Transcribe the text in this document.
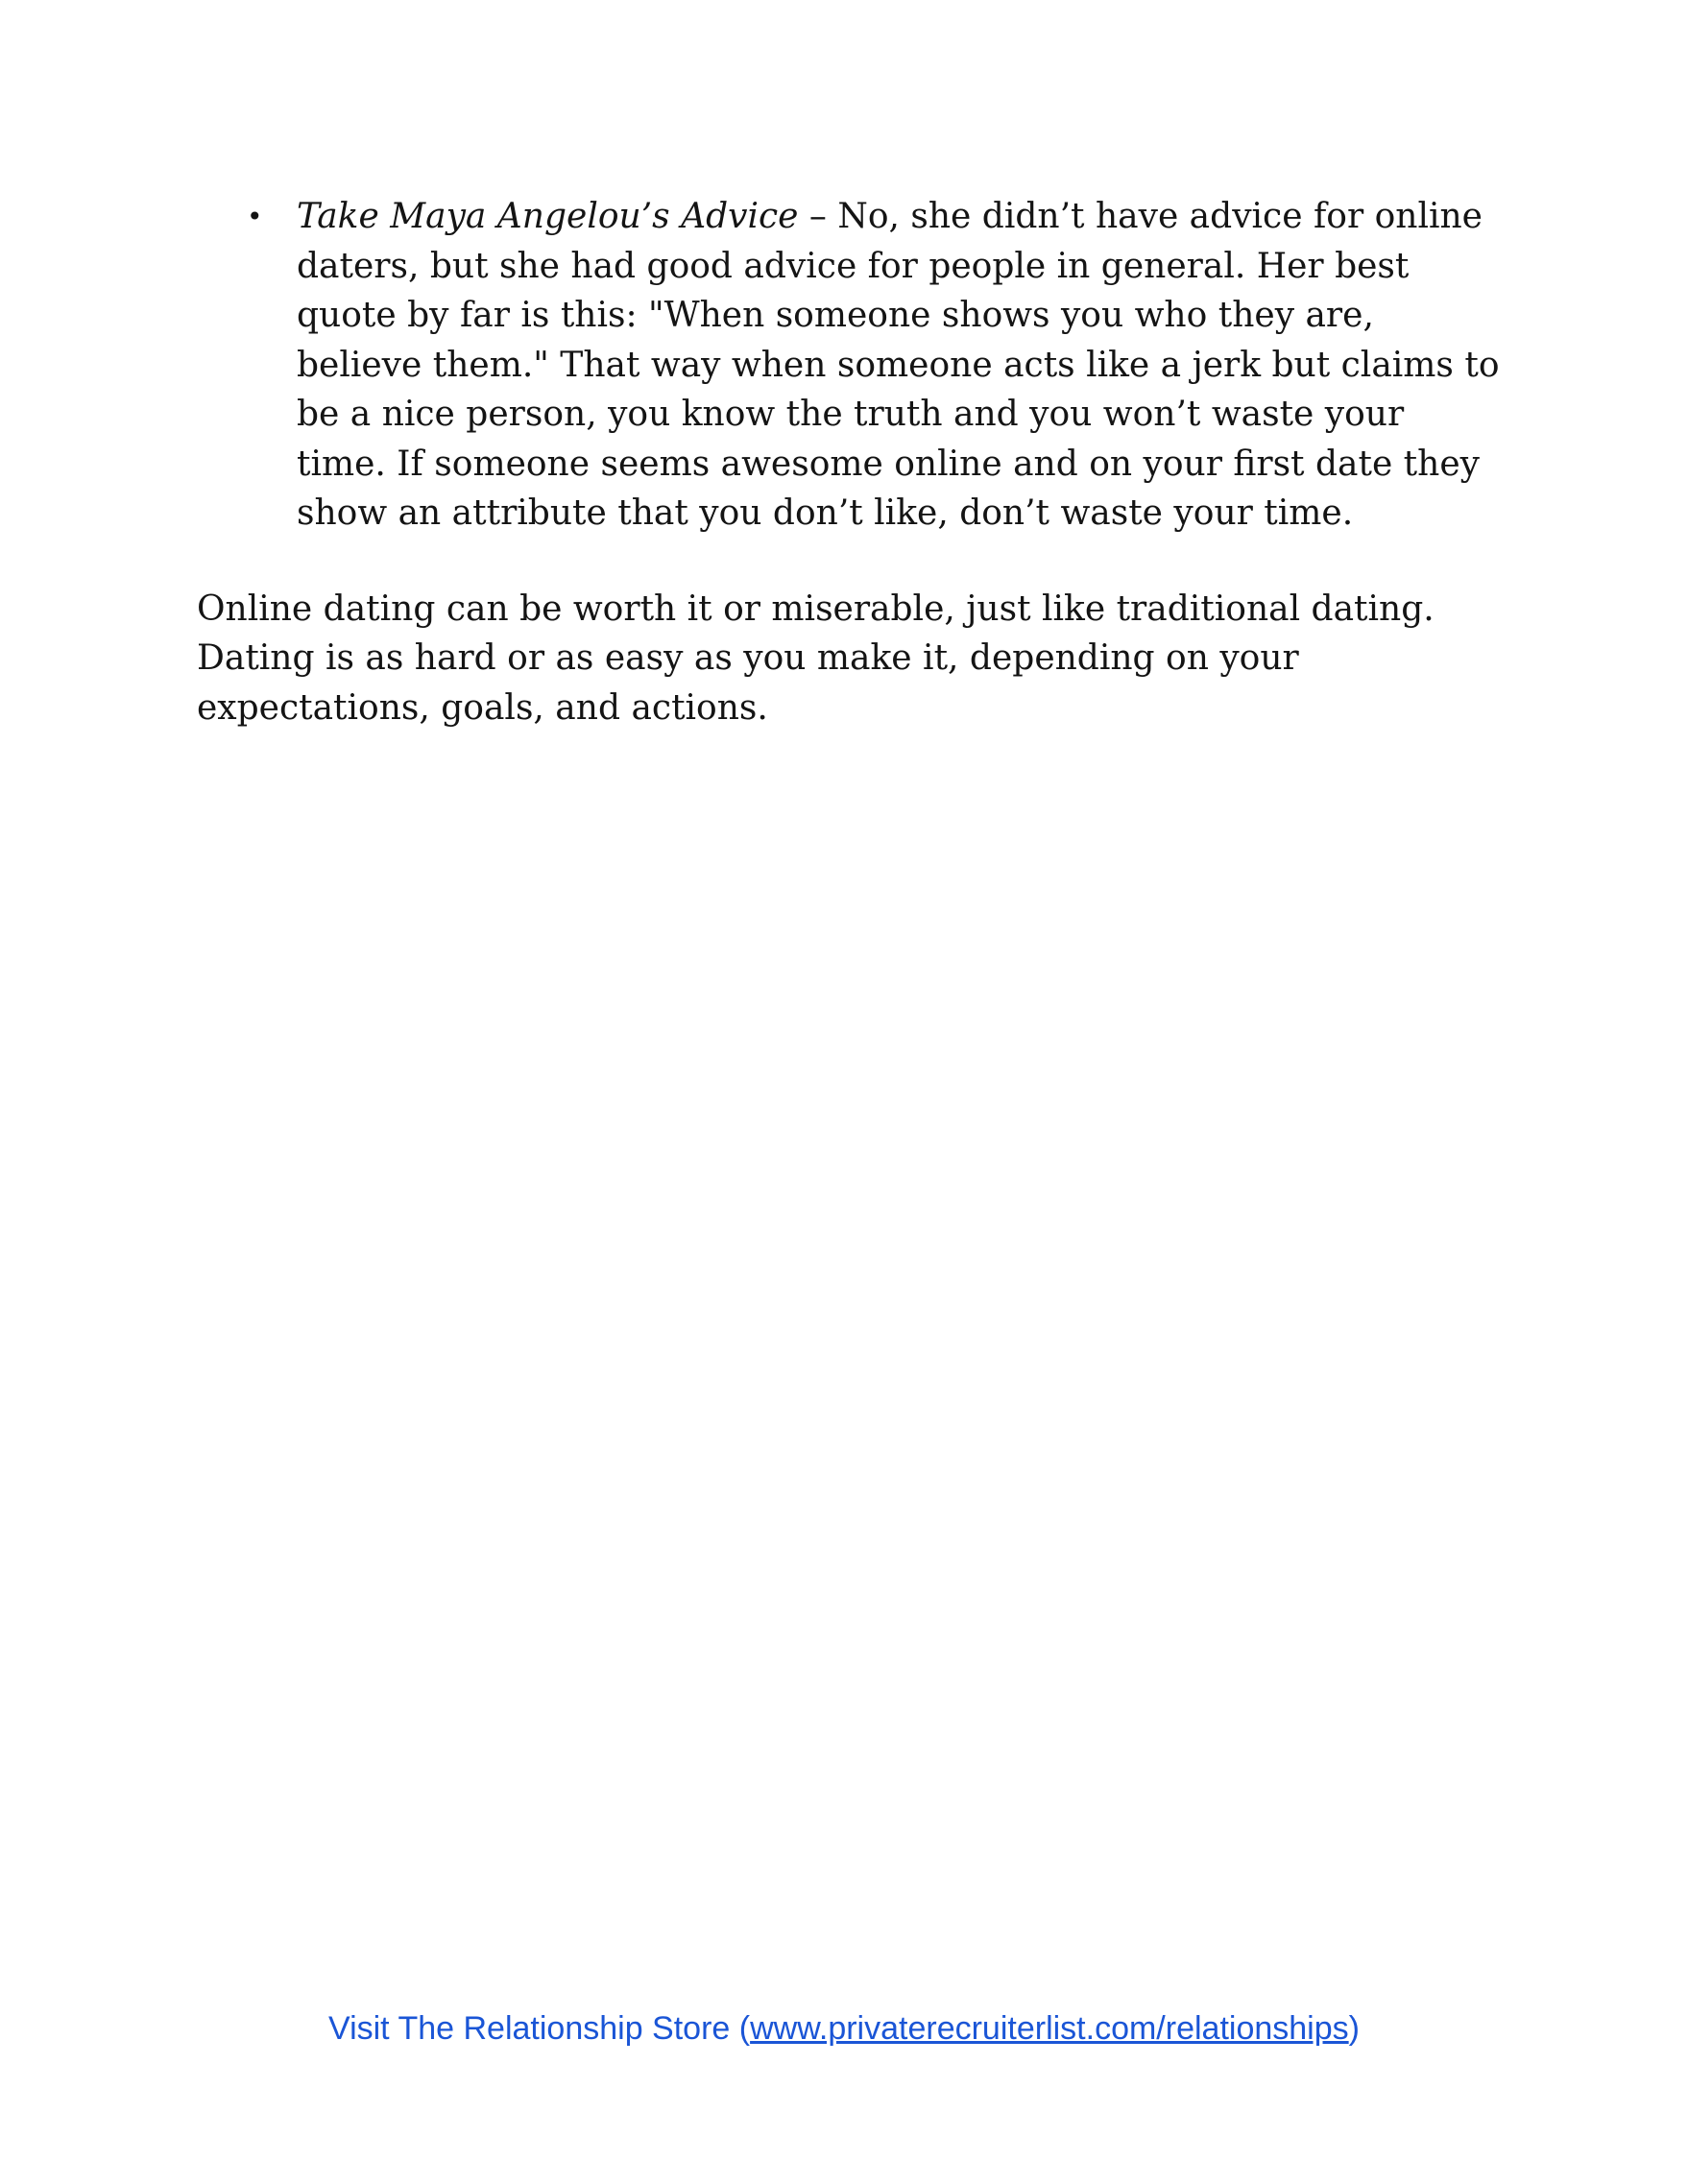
• Take Maya Angelou’s Advice – No, she didn’t have advice for online daters, but she had good advice for people in general. Her best quote by far is this: "When someone shows you who they are, believe them." That way when someone acts like a jerk but claims to be a nice person, you know the truth and you won’t waste your time. If someone seems awesome online and on your first date they show an attribute that you don’t like, don’t waste your time.

Online dating can be worth it or miserable, just like traditional dating. Dating is as hard or as easy as you make it, depending on your expectations, goals, and actions.

Visit The Relationship Store (www.privaterecruiterlist.com/relationships)
